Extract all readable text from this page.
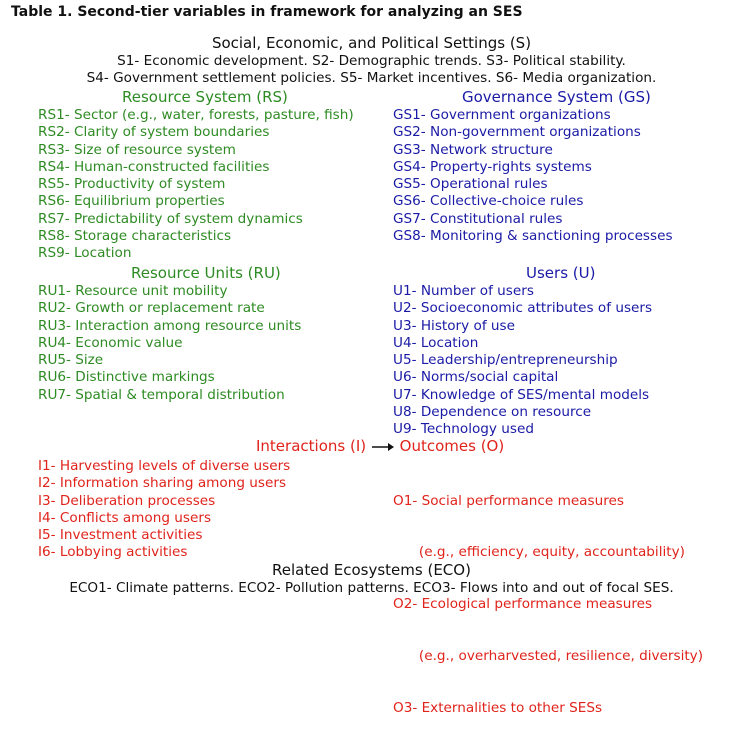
Table 1. Second-tier variables in framework for analyzing an SES
Social, Economic, and Political Settings (S)
S1- Economic development. S2- Demographic trends. S3- Political stability.
S4- Government settlement policies. S5- Market incentives. S6- Media organization.
Resource System (RS)
RS1- Sector (e.g., water, forests, pasture, fish)
RS2- Clarity of system boundaries
RS3- Size of resource system
RS4- Human-constructed facilities
RS5- Productivity of system
RS6- Equilibrium properties
RS7- Predictability of system dynamics
RS8- Storage characteristics
RS9- Location
Governance System (GS)
GS1- Government organizations
GS2- Non-government organizations
GS3- Network structure
GS4- Property-rights systems
GS5- Operational rules
GS6- Collective-choice rules
GS7- Constitutional rules
GS8- Monitoring & sanctioning processes
Resource Units (RU)
RU1- Resource unit mobility
RU2- Growth or replacement rate
RU3- Interaction among resource units
RU4- Economic value
RU5- Size
RU6- Distinctive markings
RU7- Spatial & temporal distribution
Users (U)
U1- Number of users
U2- Socioeconomic attributes of users
U3- History of use
U4- Location
U5- Leadership/entrepreneurship
U6- Norms/social capital
U7- Knowledge of SES/mental models
U8- Dependence on resource
U9- Technology used
Interactions (I) Outcomes (O)
I1- Harvesting levels of diverse users
I2- Information sharing among users
I3- Deliberation processes
I4- Conflicts among users
I5- Investment activities
I6- Lobbying activities

O1- Social performance measures

(e.g., efficiency, equity, accountability)

O2- Ecological performance measures

(e.g., overharvested, resilience, diversity)

O3- Externalities to other SESs

Related Ecosystems (ECO)
ECO1- Climate patterns. ECO2- Pollution patterns. ECO3- Flows into and out of focal SES.
